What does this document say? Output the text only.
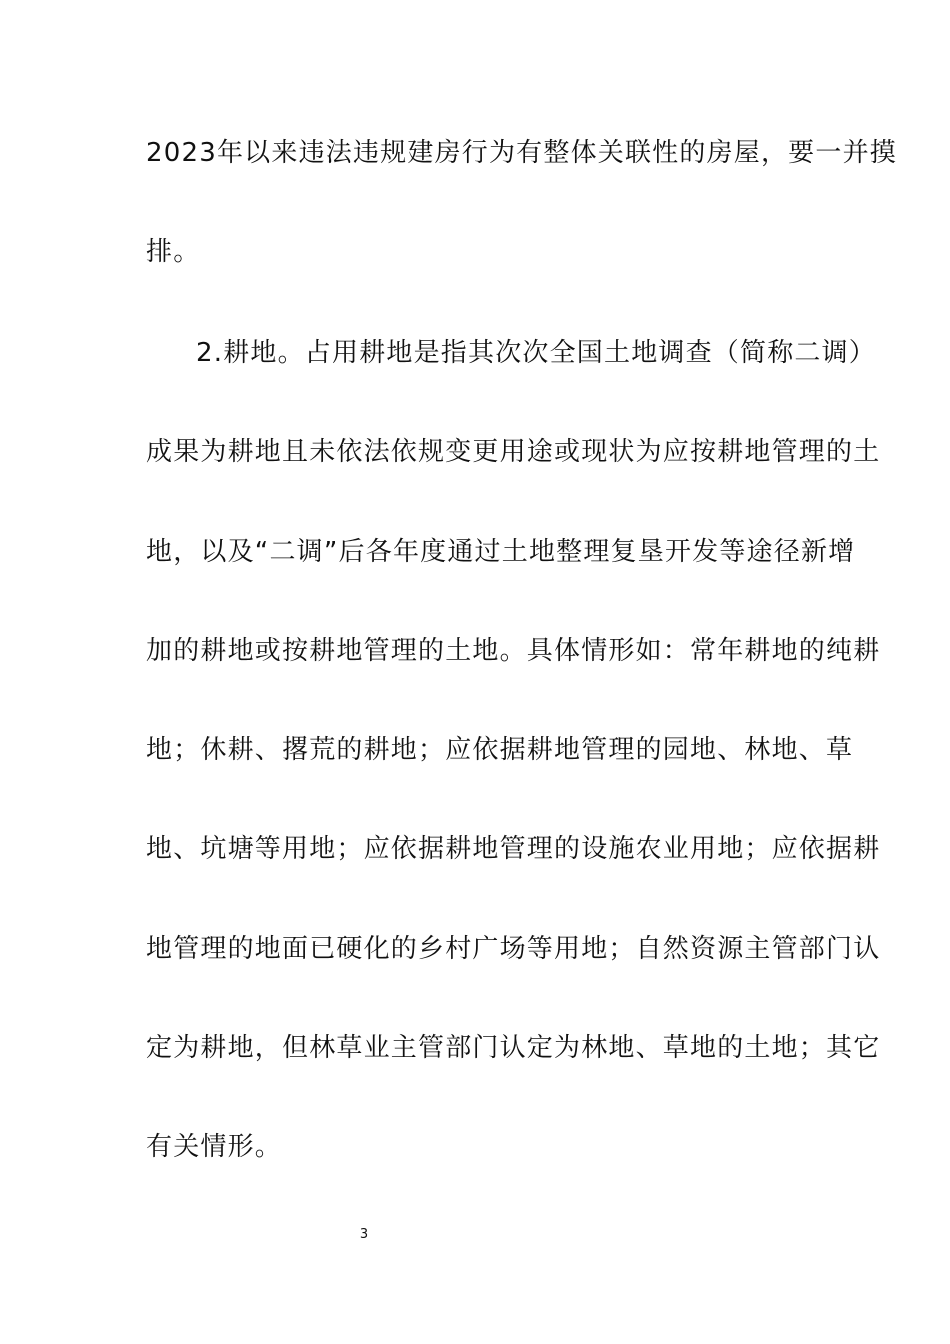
2023年以来违法违规建房行为有整体关联性的房屋，要一并摸
排。
2.耕地。占用耕地是指其次次全国土地调查（简称二调）
成果为耕地且未依法依规变更用途或现状为应按耕地管理的土
地，以及“二调”后各年度通过土地整理复垦开发等途径新增
加的耕地或按耕地管理的土地。具体情形如：常年耕地的纯耕
地；休耕、撂荒的耕地；应依据耕地管理的园地、林地、草
地、坑塘等用地；应依据耕地管理的设施农业用地；应依据耕
地管理的地面已硬化的乡村广场等用地；自然资源主管部门认
定为耕地，但林草业主管部门认定为林地、草地的土地；其它
有关情形。
3
